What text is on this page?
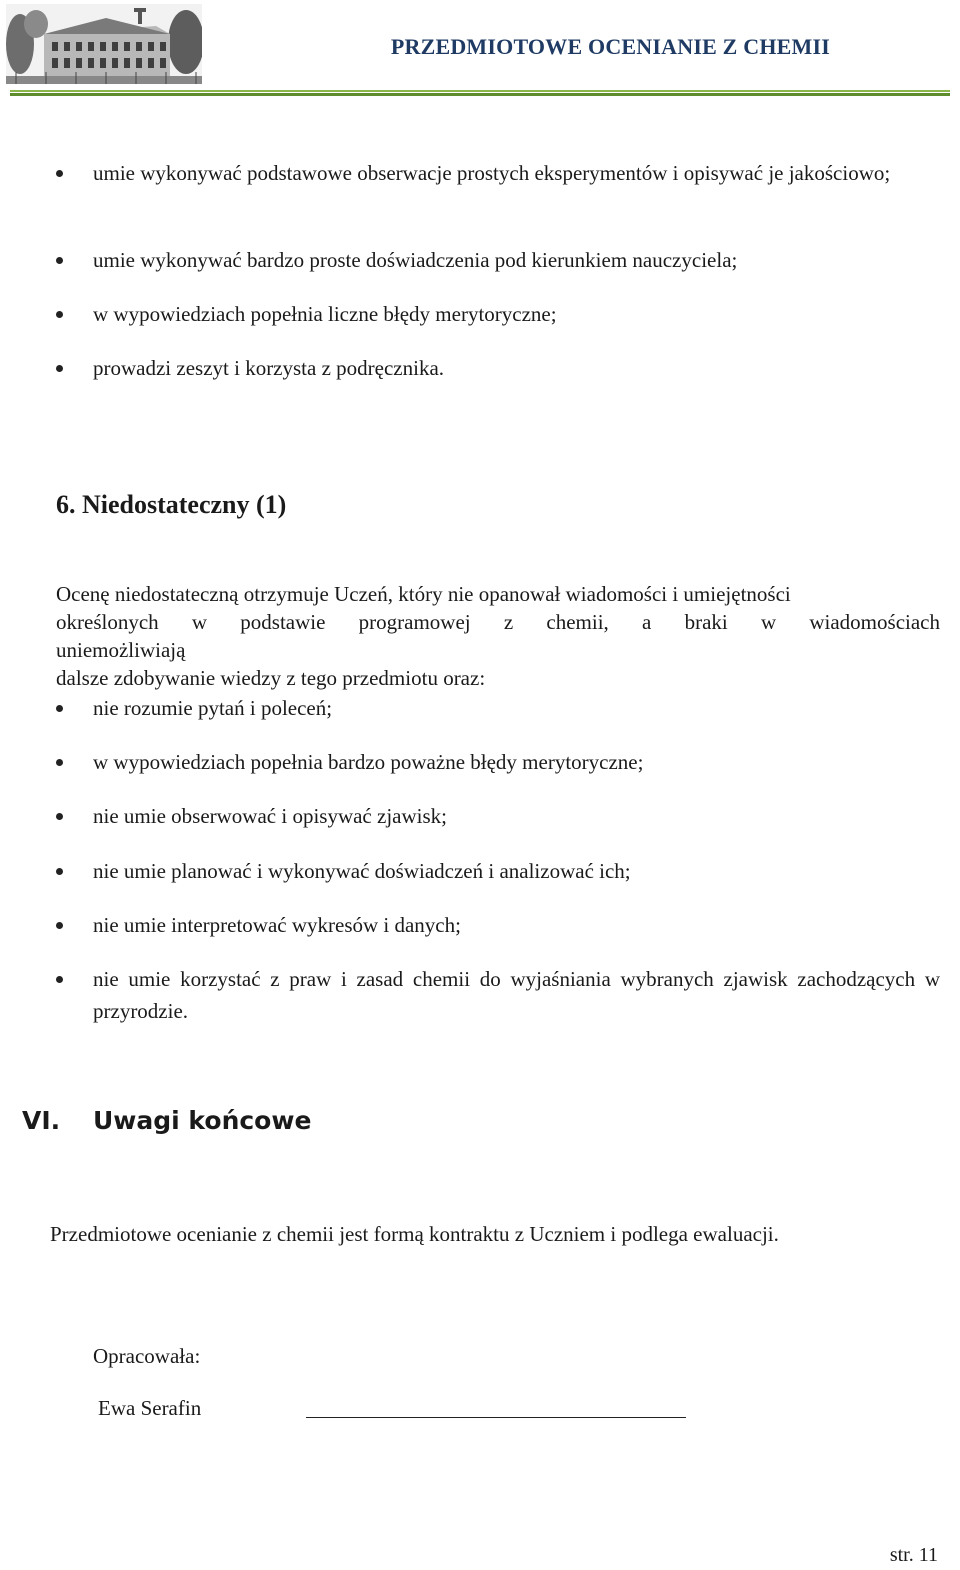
PRZEDMIOTOWE OCENIANIE Z CHEMII
umie wykonywać podstawowe obserwacje prostych eksperymentów i opisywać je jakościowo;
umie wykonywać bardzo proste doświadczenia pod kierunkiem nauczyciela;
w wypowiedziach popełnia liczne błędy merytoryczne;
prowadzi zeszyt i korzysta z podręcznika.
6. Niedostateczny (1)
Ocenę niedostateczną otrzymuje Uczeń, który nie opanował wiadomości i umiejętności
określonych w podstawie programowej z chemii, a braki w wiadomościach
uniemożliwiają
dalsze zdobywanie wiedzy z tego przedmiotu oraz:
nie rozumie pytań i poleceń;
w wypowiedziach popełnia bardzo poważne błędy merytoryczne;
nie umie obserwować i opisywać zjawisk;
nie umie planować i wykonywać doświadczeń i analizować ich;
nie umie interpretować wykresów i danych;
nie umie korzystać z praw i zasad chemii do wyjaśniania wybranych zjawisk zachodzących w przyrodzie.
VI. Uwagi końcowe
Przedmiotowe ocenianie z chemii jest formą kontraktu z Uczniem i podlega ewaluacji.
Opracowała:
Ewa Serafin
str. 11
